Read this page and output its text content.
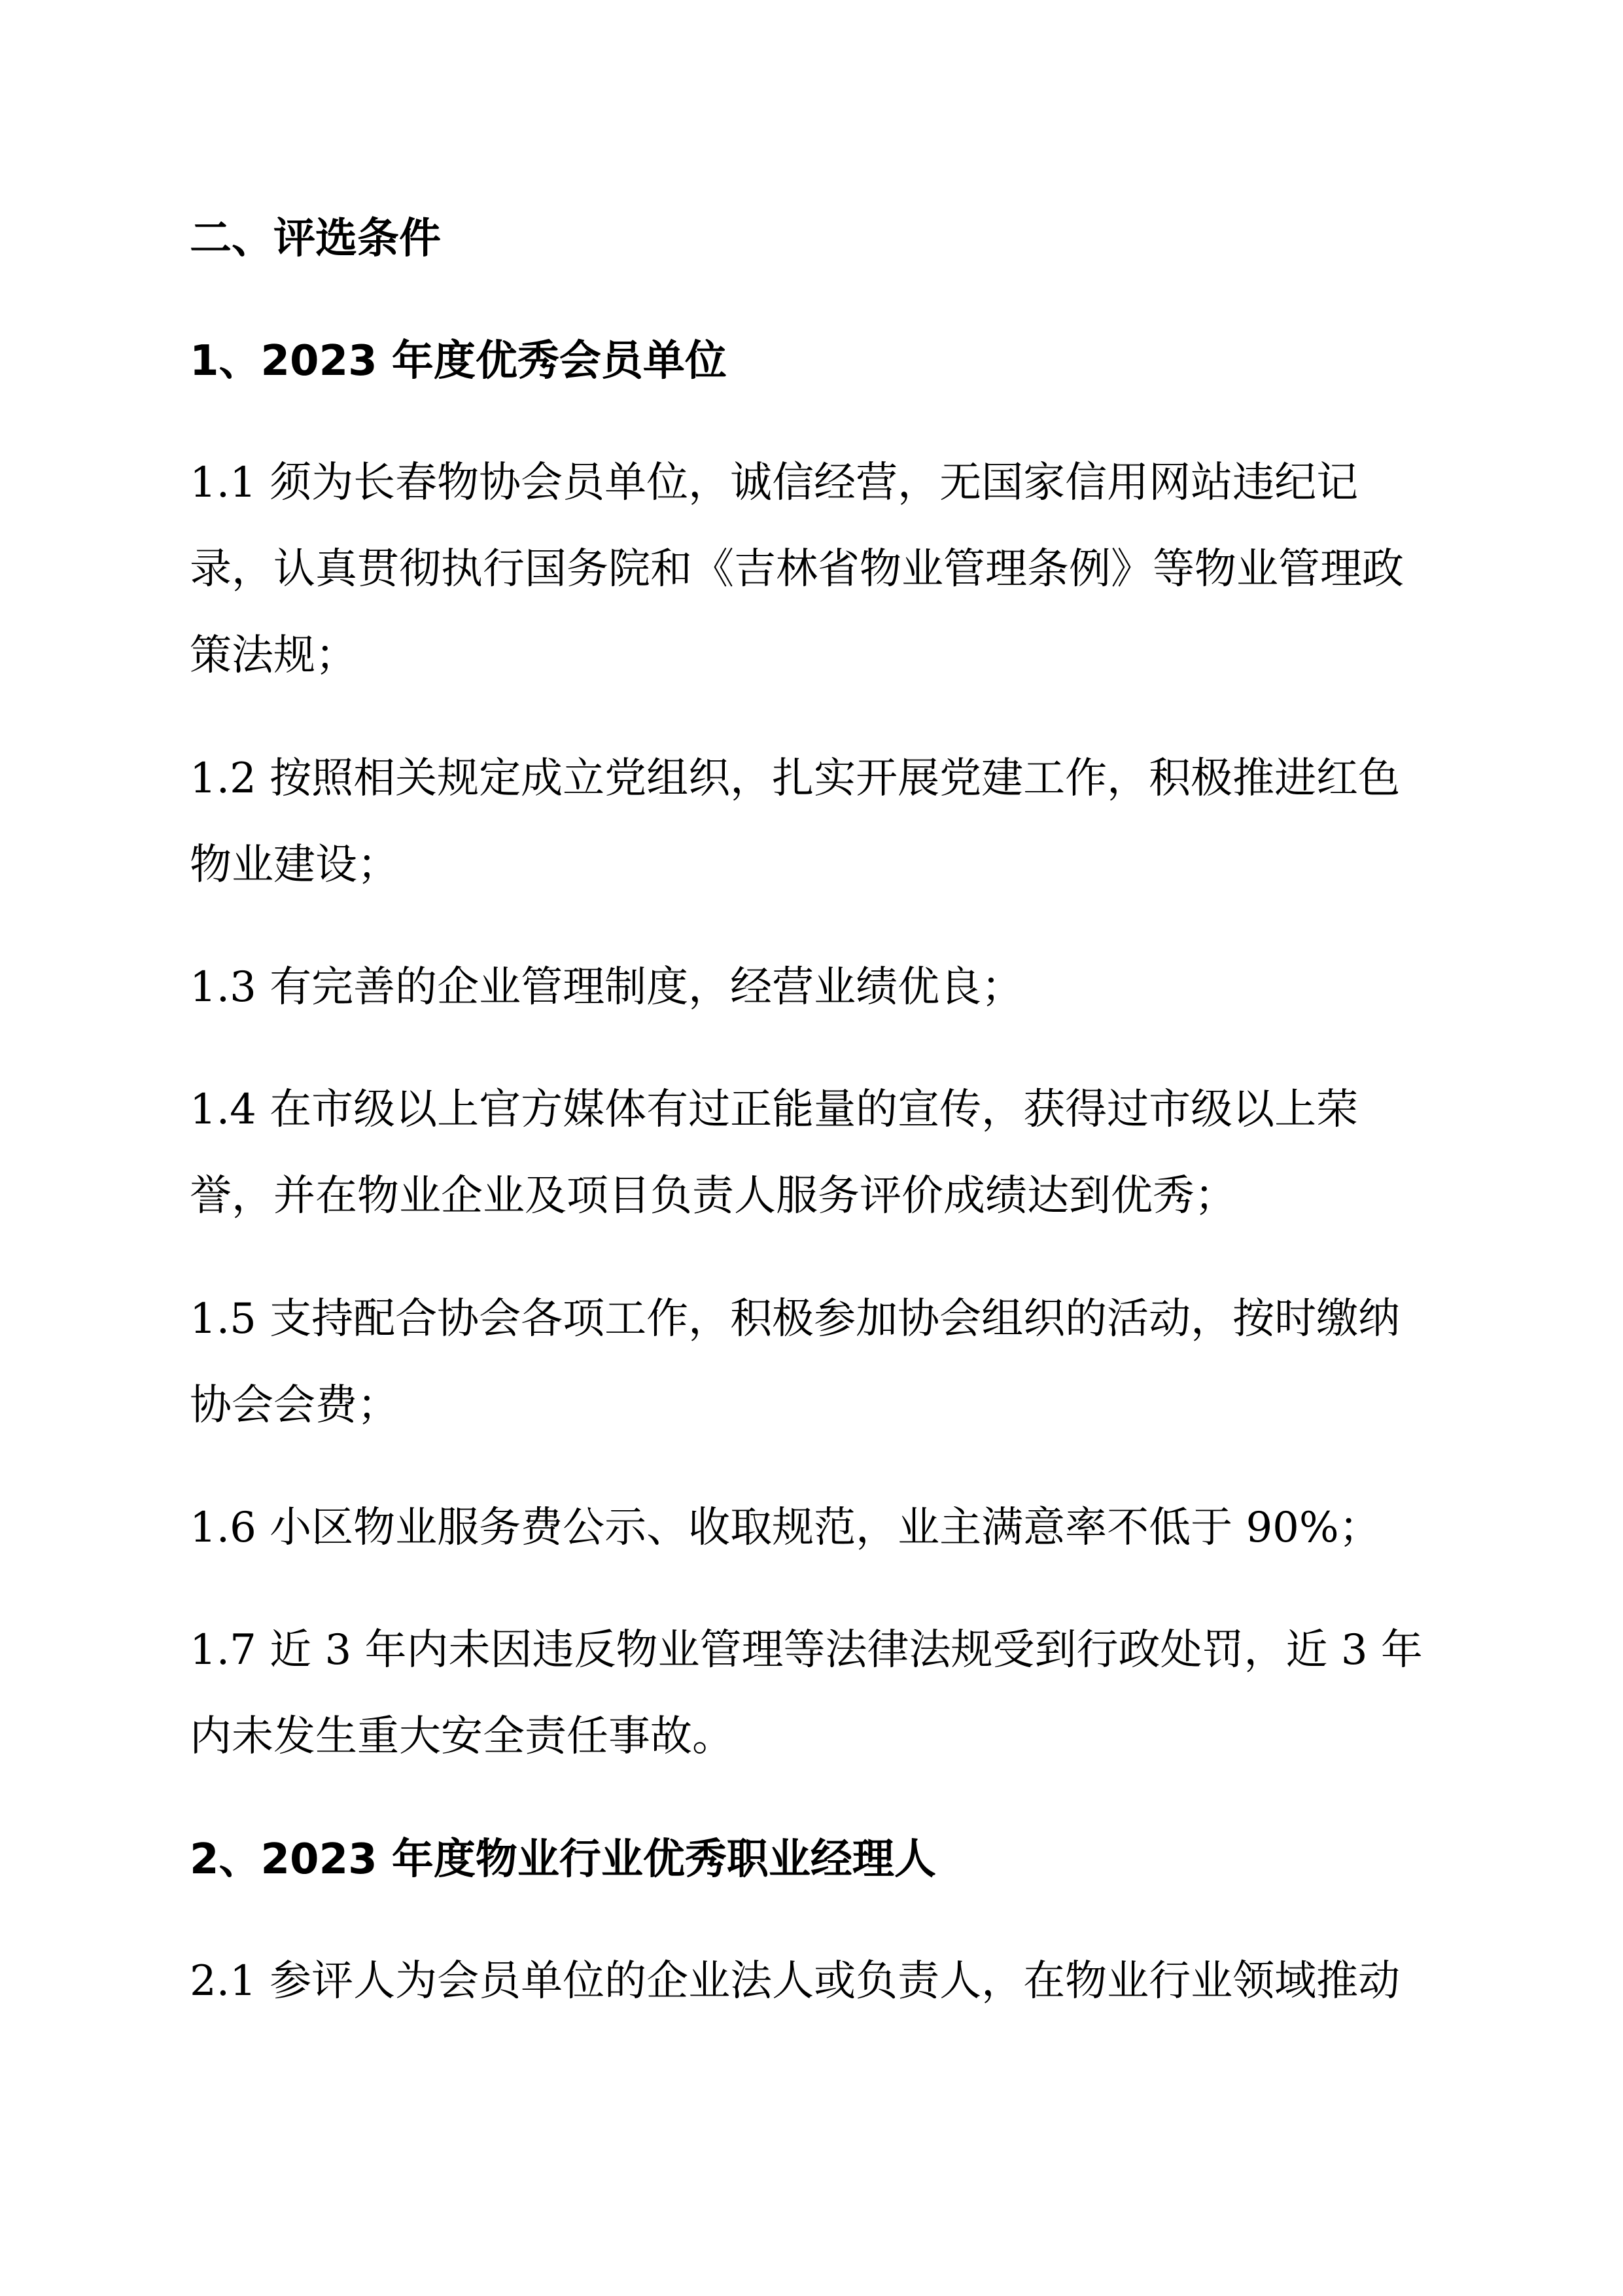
二、评选条件

1、2023 年度优秀会员单位

1.1 须为长春物协会员单位，诚信经营，无国家信用网站违纪记

录，认真贯彻执行国务院和《吉林省物业管理条例》等物业管理政

策法规；

1.2 按照相关规定成立党组织，扎实开展党建工作，积极推进红色

物业建设；

1.3 有完善的企业管理制度，经营业绩优良；

1.4 在市级以上官方媒体有过正能量的宣传，获得过市级以上荣

誉，并在物业企业及项目负责人服务评价成绩达到优秀；

1.5 支持配合协会各项工作，积极参加协会组织的活动，按时缴纳

协会会费；

1.6 小区物业服务费公示、收取规范，业主满意率不低于 90%；

1.7 近 3 年内未因违反物业管理等法律法规受到行政处罚，近 3 年

内未发生重大安全责任事故。

2、2023 年度物业行业优秀职业经理人

2.1 参评人为会员单位的企业法人或负责人，在物业行业领域推动
